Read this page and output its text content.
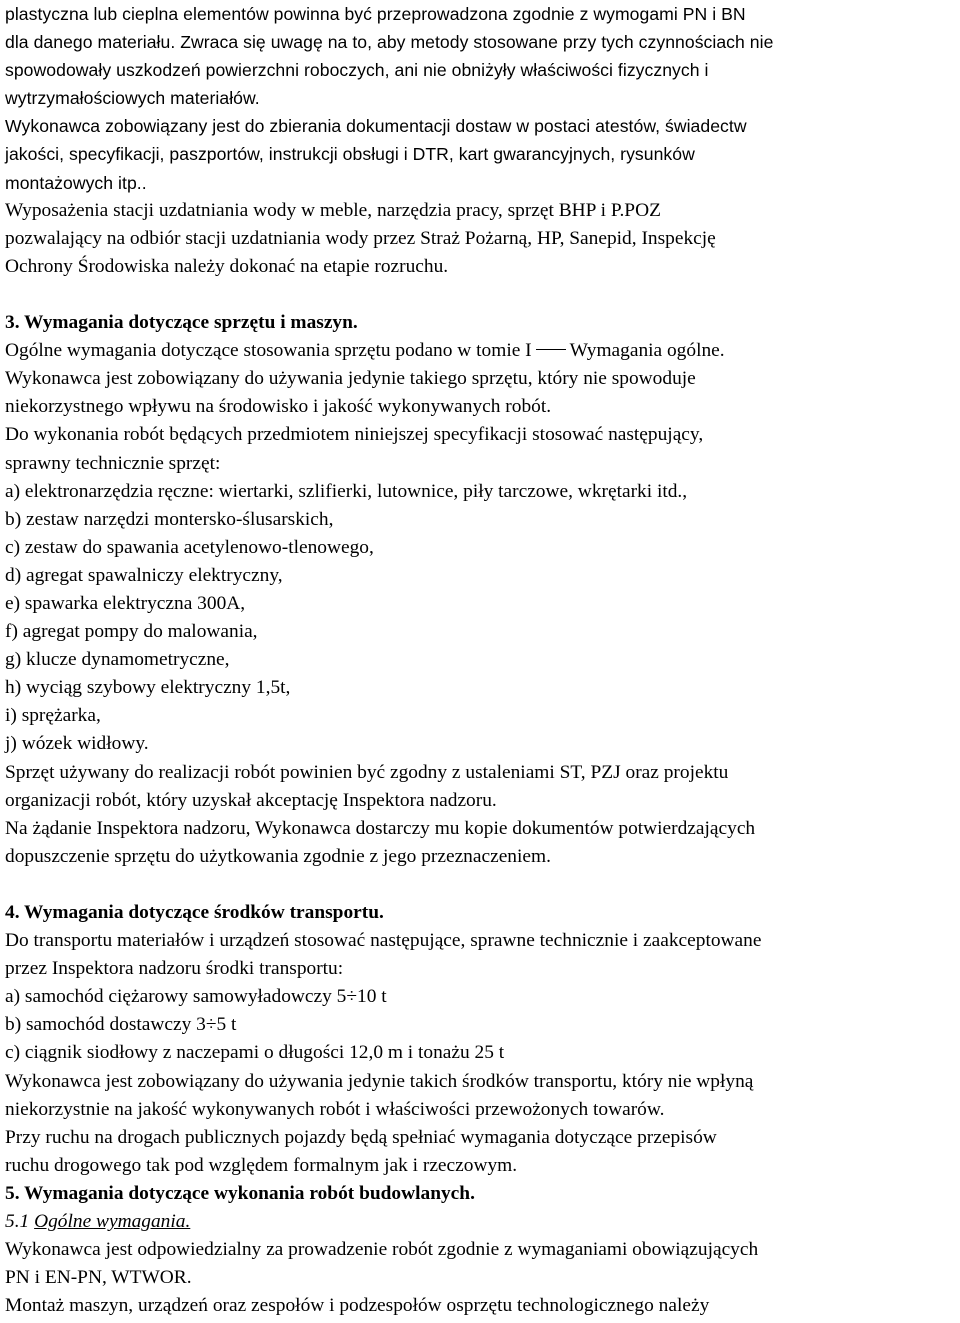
plastyczna lub cieplna elementów powinna być przeprowadzona zgodnie z wymogami PN i BN
dla danego materiału. Zwraca się uwagę na to, aby metody stosowane przy tych czynnościach nie
spowodowały uszkodzeń powierzchni roboczych, ani nie obniżyły właściwości fizycznych i
wytrzymałościowych materiałów.
Wykonawca zobowiązany jest do zbierania dokumentacji dostaw w postaci atestów, świadectw
jakości, specyfikacji, paszportów, instrukcji obsługi i DTR, kart gwarancyjnych, rysunków
montażowych itp..
Wyposażenia stacji uzdatniania wody w meble, narzędzia pracy, sprzęt BHP i P.POZ
pozwalający na odbiór stacji uzdatniania wody przez Straż Pożarną, HP, Sanepid, Inspekcję
Ochrony Środowiska należy dokonać na etapie rozruchu.
3. Wymagania dotyczące sprzętu i maszyn.
Ogólne wymagania dotyczące stosowania sprzętu podano w tomie I Wymagania ogólne.
Wykonawca jest zobowiązany do używania jedynie takiego sprzętu, który nie spowoduje
niekorzystnego wpływu na środowisko i jakość wykonywanych robót.
Do wykonania robót będących przedmiotem niniejszej specyfikacji stosować następujący,
sprawny technicznie sprzęt:
a) elektronarzędzia ręczne: wiertarki, szlifierki, lutownice, piły tarczowe, wkrętarki itd.,
b) zestaw narzędzi montersko-ślusarskich,
c) zestaw do spawania acetylenowo-tlenowego,
d) agregat spawalniczy elektryczny,
e) spawarka elektryczna 300A,
f) agregat pompy do malowania,
g) klucze dynamometryczne,
h) wyciąg szybowy elektryczny 1,5t,
i) sprężarka,
j) wózek widłowy.
Sprzęt używany do realizacji robót powinien być zgodny z ustaleniami ST, PZJ oraz projektu
organizacji robót, który uzyskał akceptację Inspektora nadzoru.
Na żądanie Inspektora nadzoru, Wykonawca dostarczy mu kopie dokumentów potwierdzających
dopuszczenie sprzętu do użytkowania zgodnie z jego przeznaczeniem.
4. Wymagania dotyczące środków transportu.
Do transportu materiałów i urządzeń stosować następujące, sprawne technicznie i zaakceptowane
przez Inspektora nadzoru środki transportu:
a) samochód ciężarowy samowyładowczy 5÷10 t
b) samochód dostawczy 3÷5 t
c) ciągnik siodłowy z naczepami o długości 12,0 m i tonażu 25 t
Wykonawca jest zobowiązany do używania jedynie takich środków transportu, który nie wpłyną
niekorzystnie na jakość wykonywanych robót i właściwości przewożonych towarów.
Przy ruchu na drogach publicznych pojazdy będą spełniać wymagania dotyczące przepisów
ruchu drogowego tak pod względem formalnym jak i rzeczowym.
5. Wymagania dotyczące wykonania robót budowlanych.
5.1 Ogólne wymagania.
Wykonawca jest odpowiedzialny za prowadzenie robót zgodnie z wymaganiami obowiązujących
PN i EN-PN, WTWOR.
Montaż maszyn, urządzeń oraz zespołów i podzespołów osprzętu technologicznego należy
